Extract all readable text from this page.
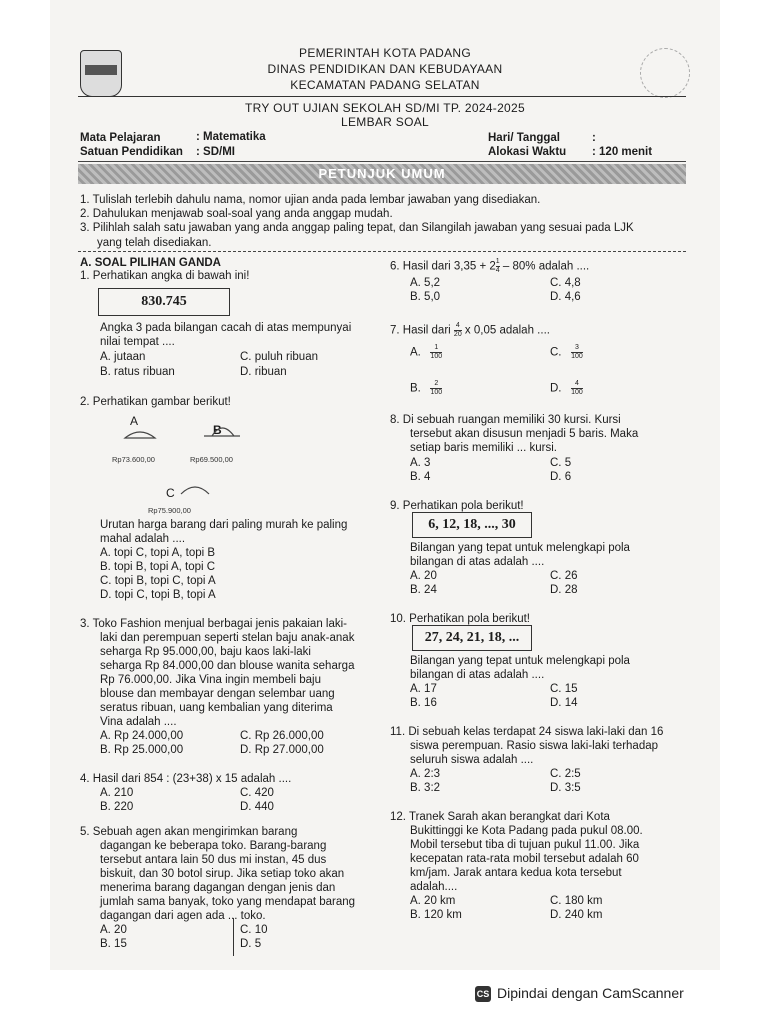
PEMERINTAH KOTA PADANG
DINAS PENDIDIKAN DAN KEBUDAYAAN
KECAMATAN PADANG SELATAN
TRY OUT UJIAN SEKOLAH SD/MI TP. 2024-2025
LEMBAR SOAL
Mata Pelajaran	: Matematika
Satuan Pendidikan : SD/MI
Hari/ Tanggal	:
Alokasi Waktu : 120 menit
PETUNJUK UMUM
1. Tulislah terlebih dahulu nama, nomor ujian anda pada lembar jawaban yang disediakan.
2. Dahulukan menjawab soal-soal yang anda anggap mudah.
3. Pilihlah salah satu jawaban yang anda anggap paling tepat, dan Silangilah jawaban yang sesuai pada LJK
yang telah disediakan.
A. SOAL PILIHAN GANDA
1. Perhatikan angka di bawah ini!
830.745
Angka 3 pada bilangan cacah di atas mempunyai
nilai tempat ....
A. jutaan	C. puluh ribuan
B. ratus ribuan	D. ribuan
2. Perhatikan gambar berikut!
A
B
Rp73.600,00	Rp69.500,00
C
Rp75.900,00
Urutan harga barang dari paling murah ke paling
mahal adalah ....
A. topi C, topi A, topi B
B. topi B, topi A, topi C
C. topi B, topi C, topi A
D. topi C, topi B, topi A
3. Toko Fashion menjual berbagai jenis pakaian laki-
laki dan perempuan seperti stelan baju anak-anak
seharga Rp 95.000,00, baju kaos laki-laki
seharga Rp 84.000,00 dan blouse wanita seharga
Rp 76.000,00. Jika Vina ingin membeli baju
blouse dan membayar dengan selembar uang
seratus ribuan, uang kembalian yang diterima
Vina adalah ....
A. Rp 24.000,00	C. Rp 26.000,00
B. Rp 25.000,00	D. Rp 27.000,00
4. Hasil dari 854 : (23+38) x 15 adalah ....
A. 210	C. 420
B. 220	D. 440
5. Sebuah agen akan mengirimkan barang
dagangan ke beberapa toko. Barang-barang
tersebut antara lain 50 dus mi instan, 45 dus
biskuit, dan 30 botol sirup. Jika setiap toko akan
menerima barang dagangan dengan jenis dan
jumlah sama banyak, toko yang mendapat barang
dagangan dari agen ada ... toko.
A. 20	C. 10
B. 15	D. 5
6. Hasil dari $3,35 + 2 \frac{1}{4} - 80\%$ adalah ....
A. 5,2	C. 4,8
B. 5,0	D. 4,6
7. Hasil dari $\frac{4}{20}$ x 0,05 adalah ....
A. $\frac{1}{100}$	C. $\frac{3}{100}$
B. $\frac{2}{100}$	D. $\frac{4}{100}$
8. Di sebuah ruangan memiliki 30 kursi. Kursi
tersebut akan disusun menjadi 5 baris. Maka
setiap baris memiliki ... kursi.
A. 3	C. 5
B. 4	D. 6
9. Perhatikan pola berikut!
6, 12, 18, ..., 30
Bilangan yang tepat untuk melengkapi pola
bilangan di atas adalah ....
A. 20	C. 26
B. 24	D. 28
10. Perhatikan pola berikut!
27, 24, 21, 18, ...
Bilangan yang tepat untuk melengkapi pola
bilangan di atas adalah ....
A. 17	C. 15
B. 16	D. 14
11. Di sebuah kelas terdapat 24 siswa laki-laki dan 16
siswa perempuan. Rasio siswa laki-laki terhadap
seluruh siswa adalah ....
A. 2:3	C. 2:5
B. 3:2	D. 3:5
12. Tranek Sarah akan berangkat dari Kota
Bukittinggi ke Kota Padang pada pukul 08.00.
Mobil tersebut tiba di tujuan pukul 11.00. Jika
kecepatan rata-rata mobil tersebut adalah 60
km/jam. Jarak antara kedua kota tersebut
adalah....
A. 20 km	C. 180 km
B. 120 km	D. 240 km
CS Dipindai dengan CamScanner
